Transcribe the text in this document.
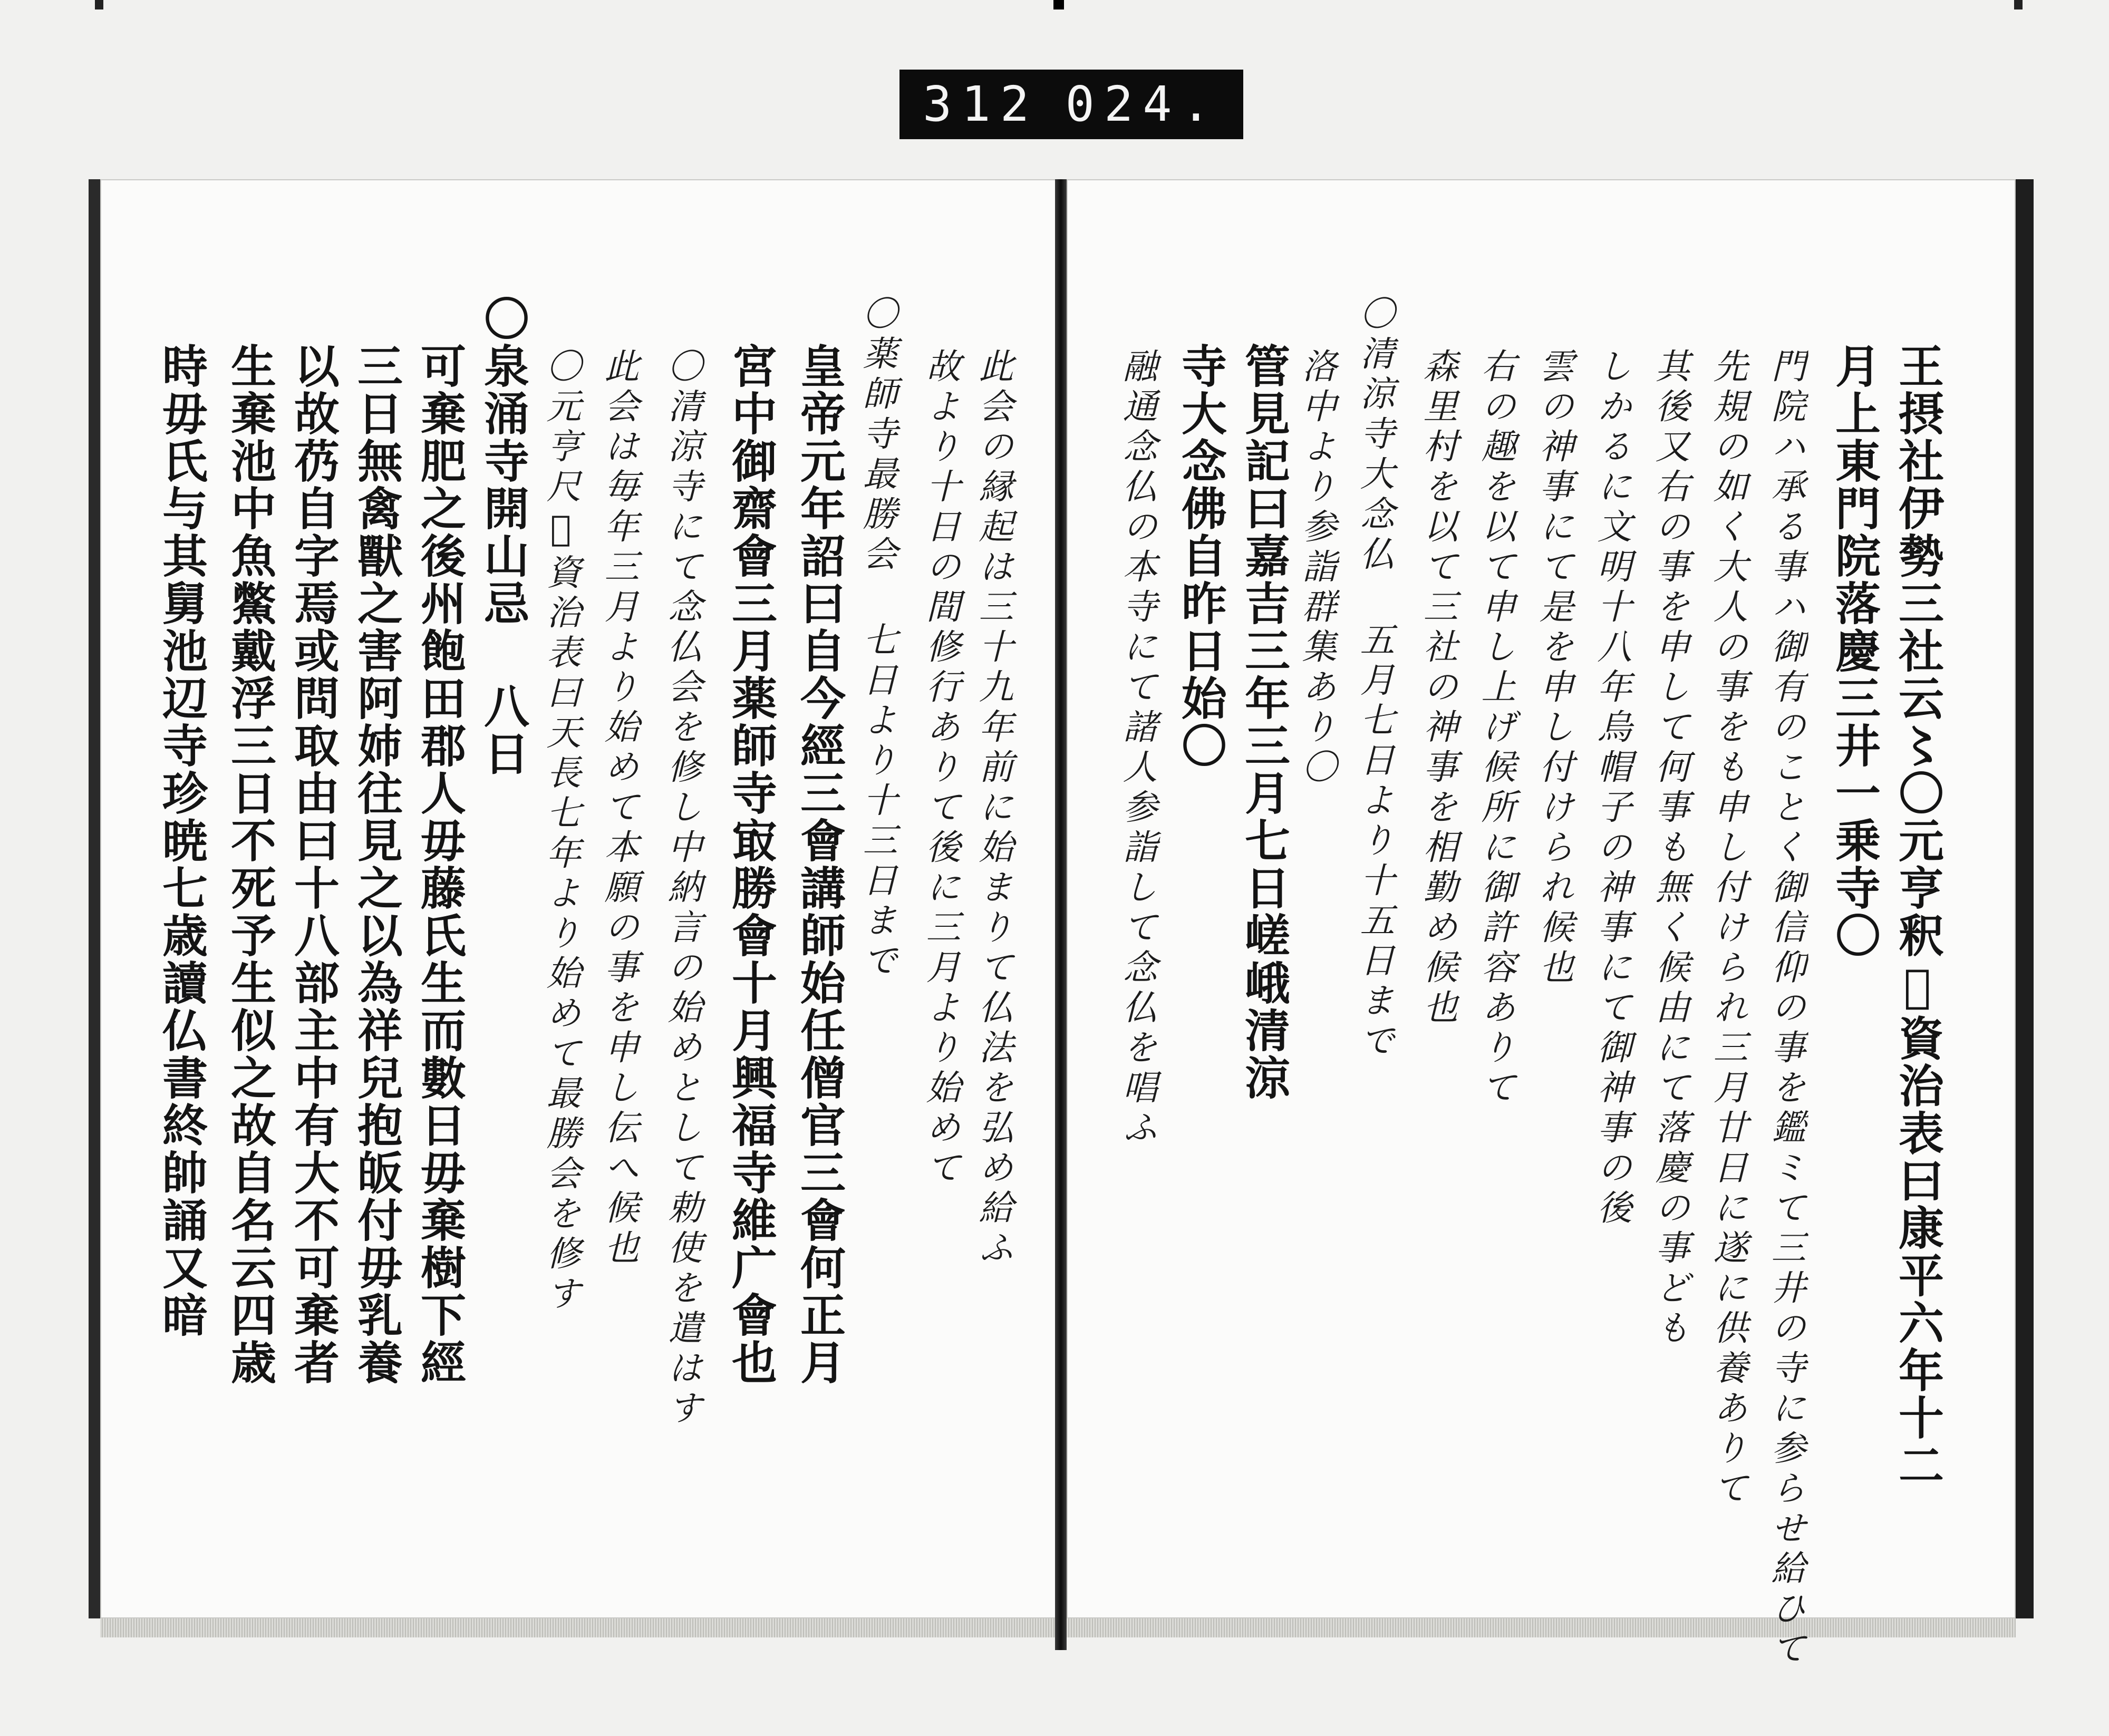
312 024.
此会の縁起は三十九年前に始まりて仏法を弘め給ふ
故より十日の間修行ありて後に三月より始めて
〇薬師寺最勝会 七日より十三日まで
皇帝元年詔曰自今經三會講師始任僧官三會何正月
宮中御齋會三月薬師寺㝡勝會十月興福寺維广會也
〇清涼寺にて念仏会を修し中納言の始めとして勅使を遣はす
此会は毎年三月より始めて本願の事を申し伝へ候也
〇元亨尺𠎝資治表曰天長七年より始めて最勝会を修す
〇泉涌寺開山忌 八日
可棄肥之後州飽田郡人毋藤氏生而數日毋棄樹下經
三日無禽獸之害阿姉往見之以為祥兒抱皈付毋乳養
以故芿自字焉或問取由曰十八部主中有大不可棄者
生棄池中魚鱉戴浮三日不死予生似之故自名云四歳
時毋氏与其舅池辺寺珍暁七歳讀仏書終帥誦又暗	王摂社伊勢三社云〻〇元亨釈𠎝資治表曰康平六年十二
月上東門院落慶三井一乗寺〇
門院ハ承る事ハ御有のことく御信仰の事を鑑ミて三井の寺に参らせ給ひて
先規の如く大人の事をも申し付けられ三月廿日に遂に供養ありて
其後又右の事を申して何事も無く候由にて落慶の事ども
しかるに文明十八年烏帽子の神事にて御神事の後
雲の神事にて是を申し付けられ候也
右の趣を以て申し上げ候所に御許容ありて
森里村を以て三社の神事を相勤め候也
〇清涼寺大念仏 五月七日より十五日まで
洛中より参詣群集あり〇
管見記曰嘉吉三年三月七日嵯峨清涼
寺大念佛自昨日始〇
融通念仏の本寺にて諸人参詣して念仏を唱ふ
